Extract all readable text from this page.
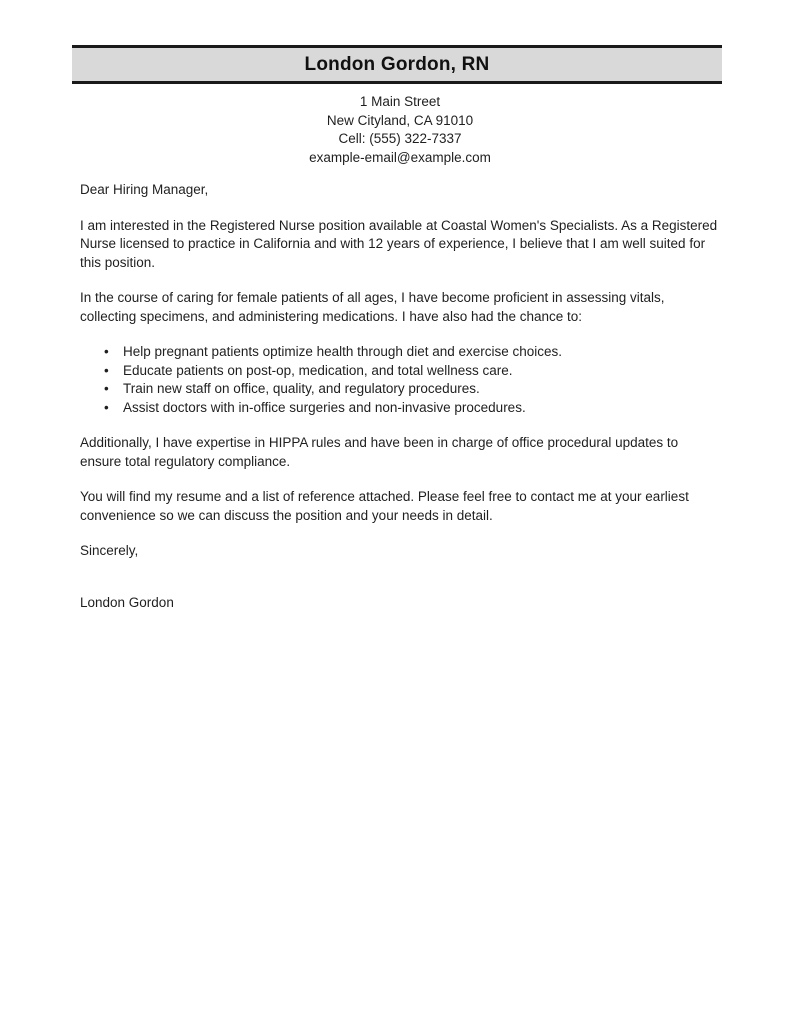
London Gordon, RN
1 Main Street
New Cityland, CA 91010
Cell: (555) 322-7337
example-email@example.com

Dear Hiring Manager,

I am interested in the Registered Nurse position available at Coastal Women's Specialists. As a Registered Nurse licensed to practice in California and with 12 years of experience, I believe that I am well suited for this position.

In the course of caring for female patients of all ages, I have become proficient in assessing vitals, collecting specimens, and administering medications. I have also had the chance to:

• Help pregnant patients optimize health through diet and exercise choices.
• Educate patients on post-op, medication, and total wellness care.
• Train new staff on office, quality, and regulatory procedures.
• Assist doctors with in-office surgeries and non-invasive procedures.

Additionally, I have expertise in HIPPA rules and have been in charge of office procedural updates to ensure total regulatory compliance.

You will find my resume and a list of reference attached. Please feel free to contact me at your earliest convenience so we can discuss the position and your needs in detail.

Sincerely,

London Gordon
